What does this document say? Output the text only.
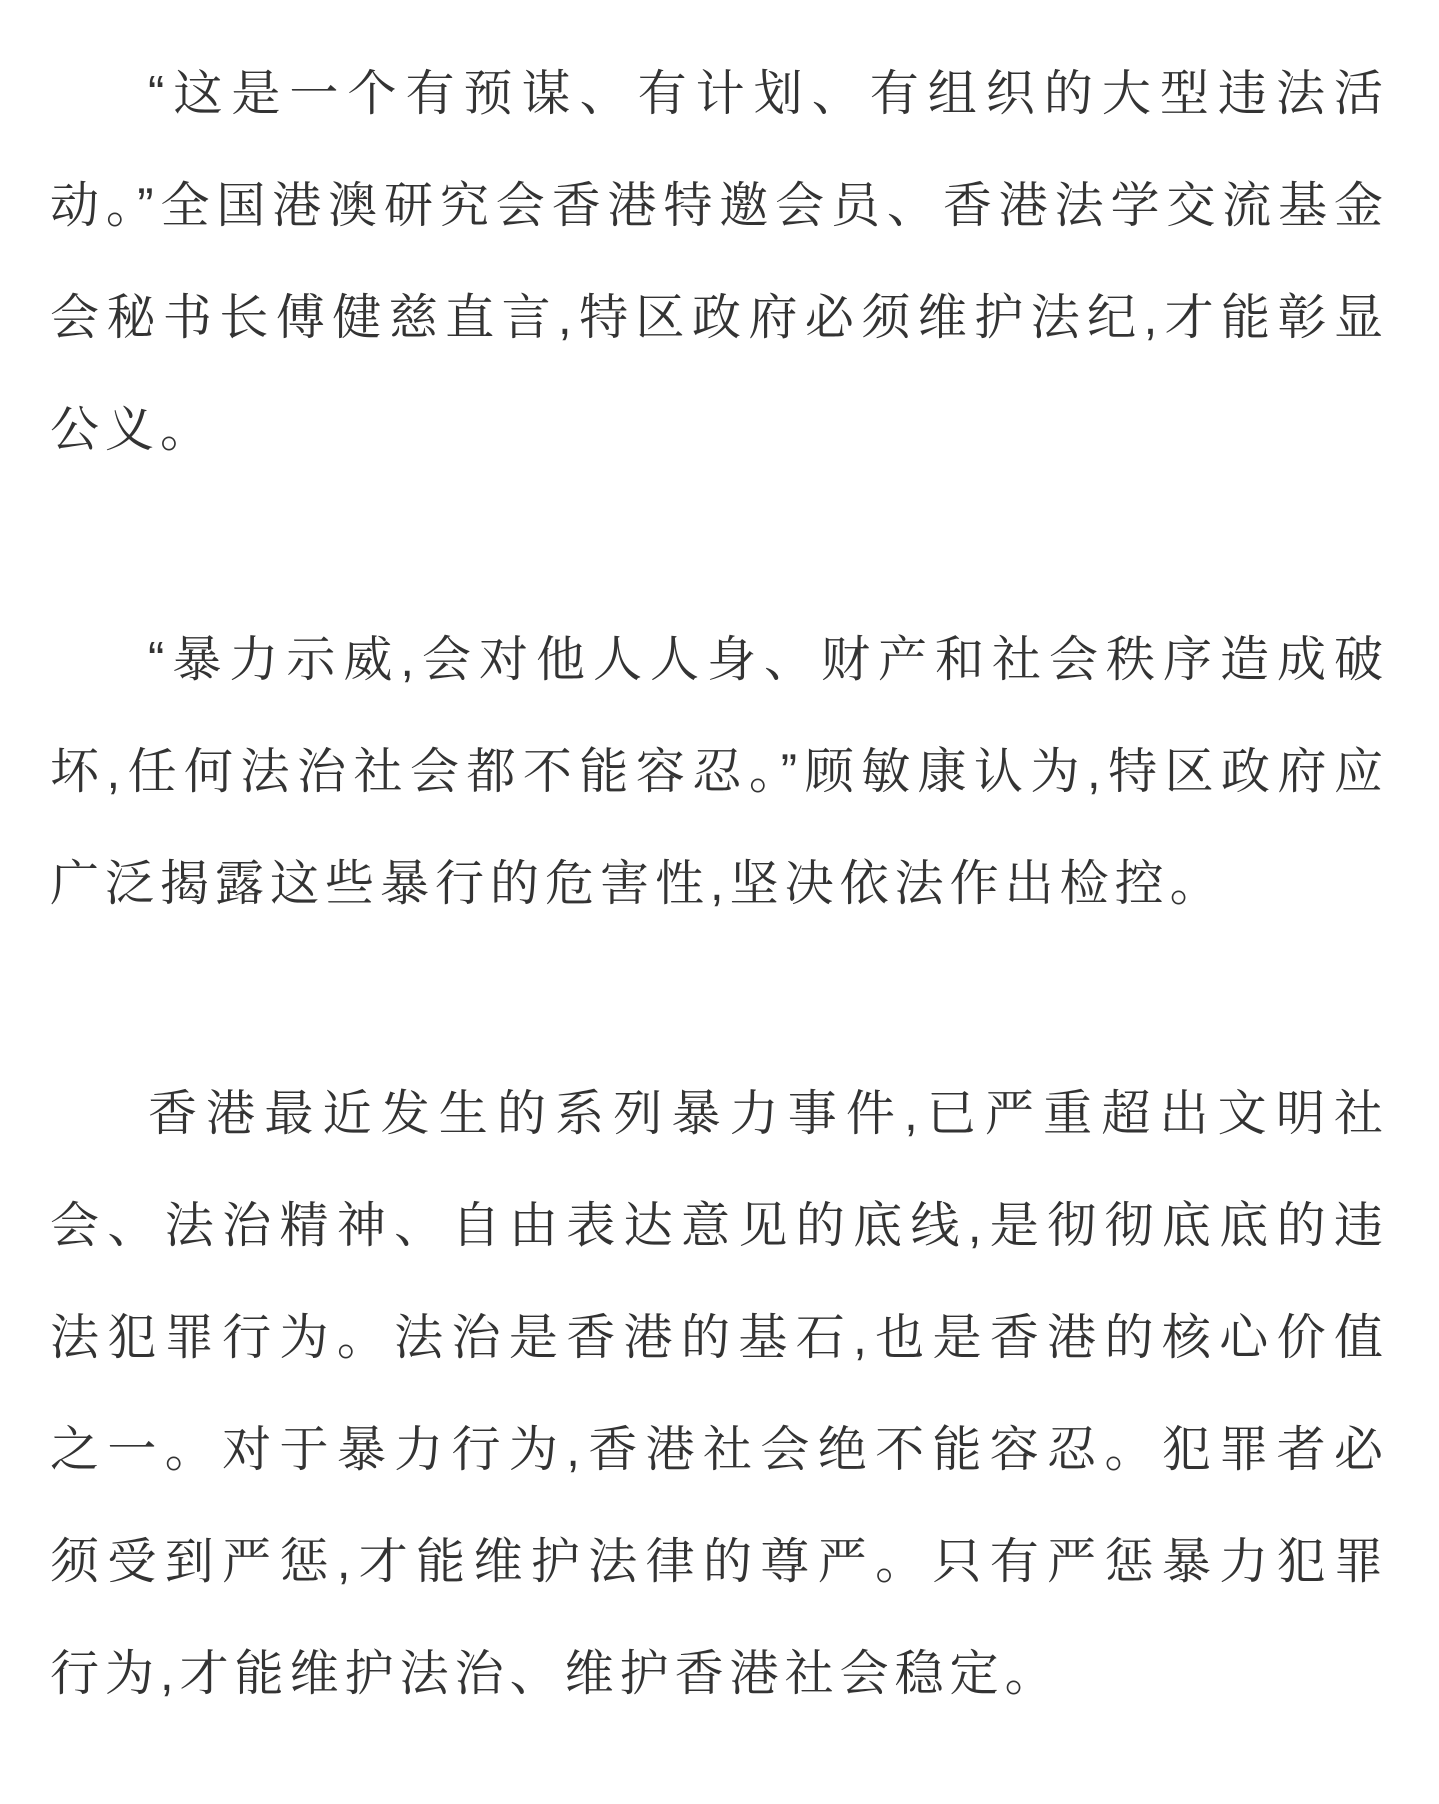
“这是一个有预谋、有计划、有组织的大型违法活动。”全国港澳研究会香港特邀会员、香港法学交流基金会秘书长傅健慈直言,特区政府必须维护法纪,才能彰显公义。

“暴力示威,会对他人人身、财产和社会秩序造成破坏,任何法治社会都不能容忍。”顾敏康认为,特区政府应广泛揭露这些暴行的危害性,坚决依法作出检控。

香港最近发生的系列暴力事件,已严重超出文明社会、法治精神、自由表达意见的底线,是彻彻底底的违法犯罪行为。法治是香港的基石,也是香港的核心价值之一。对于暴力行为,香港社会绝不能容忍。犯罪者必须受到严惩,才能维护法律的尊严。只有严惩暴力犯罪行为,才能维护法治、维护香港社会稳定。
